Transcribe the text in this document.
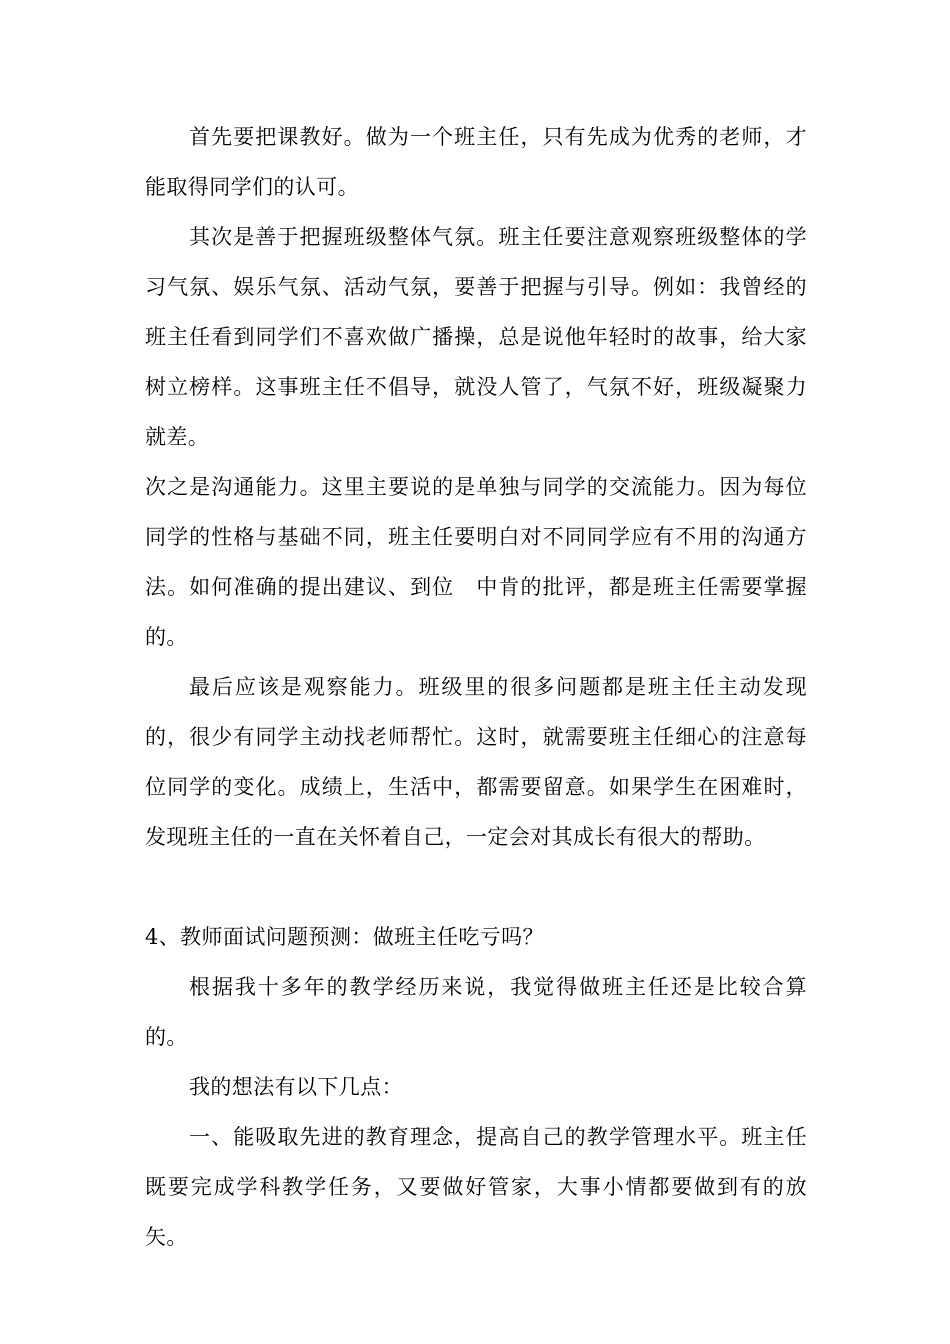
首先要把课教好。做为一个班主任，只有先成为优秀的老师，才能取得同学们的认可。

其次是善于把握班级整体气氛。班主任要注意观察班级整体的学习气氛、娱乐气氛、活动气氛，要善于把握与引导。例如：我曾经的班主任看到同学们不喜欢做广播操，总是说他年轻时的故事，给大家树立榜样。这事班主任不倡导，就没人管了，气氛不好，班级凝聚力就差。

次之是沟通能力。这里主要说的是单独与同学的交流能力。因为每位同学的性格与基础不同，班主任要明白对不同同学应有不用的沟通方法。如何准确的提出建议、到位　中肯的批评，都是班主任需要掌握的。

最后应该是观察能力。班级里的很多问题都是班主任主动发现的，很少有同学主动找老师帮忙。这时，就需要班主任细心的注意每位同学的变化。成绩上，生活中，都需要留意。如果学生在困难时，发现班主任的一直在关怀着自己，一定会对其成长有很大的帮助。

4、教师面试问题预测：做班主任吃亏吗？

根据我十多年的教学经历来说，我觉得做班主任还是比较合算的。

我的想法有以下几点：

一、能吸取先进的教育理念，提高自己的教学管理水平。班主任既要完成学科教学任务，又要做好管家，大事小情都要做到有的放矢。
